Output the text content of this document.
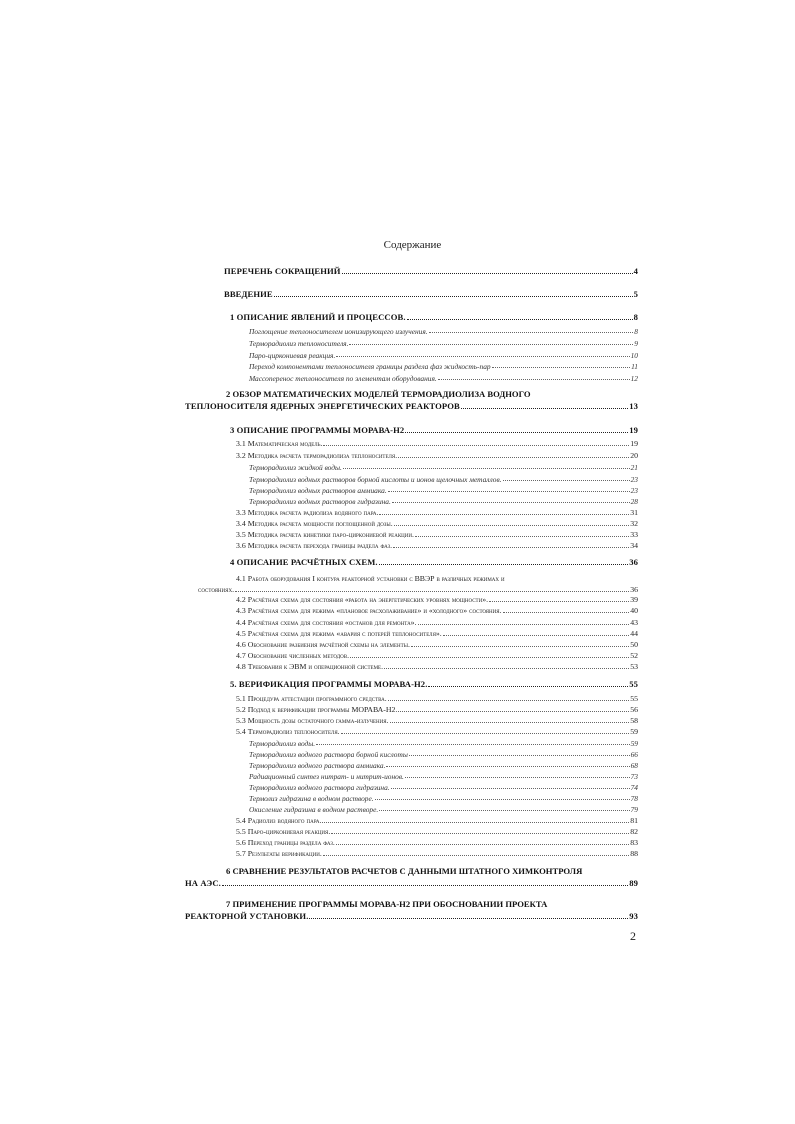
Содержание
ПЕРЕЧЕНЬ СОКРАЩЕНИЙ	4
ВВЕДЕНИЕ	5
1 ОПИСАНИЕ ЯВЛЕНИЙ И ПРОЦЕССОВ.	8
Поглощение теплоносителем ионизирующего излучения.	8
Терморадиолиз теплоносителя.	9
Паро-циркониевая реакция.	10
Переход компонентами теплоносителя границы раздела фаз жидкость-пар	11
Массоперенос теплоносителя по элементам оборудования.	12
2 ОБЗОР МАТЕМАТИЧЕСКИХ МОДЕЛЕЙ ТЕРМОРАДИОЛИЗА ВОДНОГО
ТЕПЛОНОСИТЕЛЯ ЯДЕРНЫХ ЭНЕРГЕТИЧЕСКИХ РЕАКТОРОВ	13
3 ОПИСАНИЕ ПРОГРАММЫ МОРАВА-Н2	19
3.1 Математическая модель.	19
3.2 Методика расчета терморадиолиза теплоносителя.	20
Терморадиолиз жидкой воды.	21
Терморадиолиз водных растворов борной кислоты и ионов щелочных металлов.	23
Терморадиолиз водных растворов аммиака.	23
Терморадиолиз водных растворов гидразина.	28
3.3 Методика расчета радиолиза водяного пара.	31
3.4 Методика расчета мощности поглощенной дозы.	32
3.5 Методика расчета кинетики паро-циркониевой реакции.	33
3.6 Методика расчета перехода границы раздела фаз.	34
4 ОПИСАНИЕ РАСЧЁТНЫХ СХЕМ.	36
4.1 Работа оборудования I контура реакторной установки с ВВЭР в различных режимах и
состояниях.	36
4.2 Расчётная схема для состояния «работа на энергетических уровнях мощности».	39
4.3 Расчётная схема для режима «плановое расхолаживание» и «холодного» состояния.	40
4.4 Расчётная схема для состояния «останов для ремонта».	43
4.5 Расчётная схема для режима «авария с потерей теплоносителя».	44
4.6 Обоснование разбиения расчётной схемы на элементы.	50
4.7 Обоснование численных методов.	52
4.8 Требования к ЭВМ и операционной системе.	53
5. ВЕРИФИКАЦИЯ ПРОГРАММЫ МОРАВА-Н2.	55
5.1 Процедура аттестации программного средства.	55
5.2 Подход к верификации программы МОРАВА-Н2.	56
5.3 Мощность дозы остаточного гамма-излучения.	58
5.4 Терморадиолиз теплоносителя.	59
Терморадиолиз воды.	59
Терморадиолиз водного раствора борной кислоты	66
Терморадиолиз водного раствора аммиака.	68
Радиационный синтез нитрат- и нитрит-ионов.	73
Терморадиолиз водного раствора гидразина.	74
Термолиз гидразина в водном растворе.	78
Окисление гидразина в водном растворе.	79
5.4 Радиолиз водяного пара.	81
5.5 Паро-циркониевая реакция.	82
5.6 Переход границы раздела фаз.	83
5.7 Результаты верификации.	88
6 СРАВНЕНИЕ РЕЗУЛЬТАТОВ РАСЧЕТОВ С ДАННЫМИ ШТАТНОГО ХИМКОНТРОЛЯ
НА АЭС.	89
7 ПРИМЕНЕНИЕ ПРОГРАММЫ МОРАВА-Н2 ПРИ ОБОСНОВАНИИ ПРОЕКТА
РЕАКТОРНОЙ УСТАНОВКИ.	93
2
